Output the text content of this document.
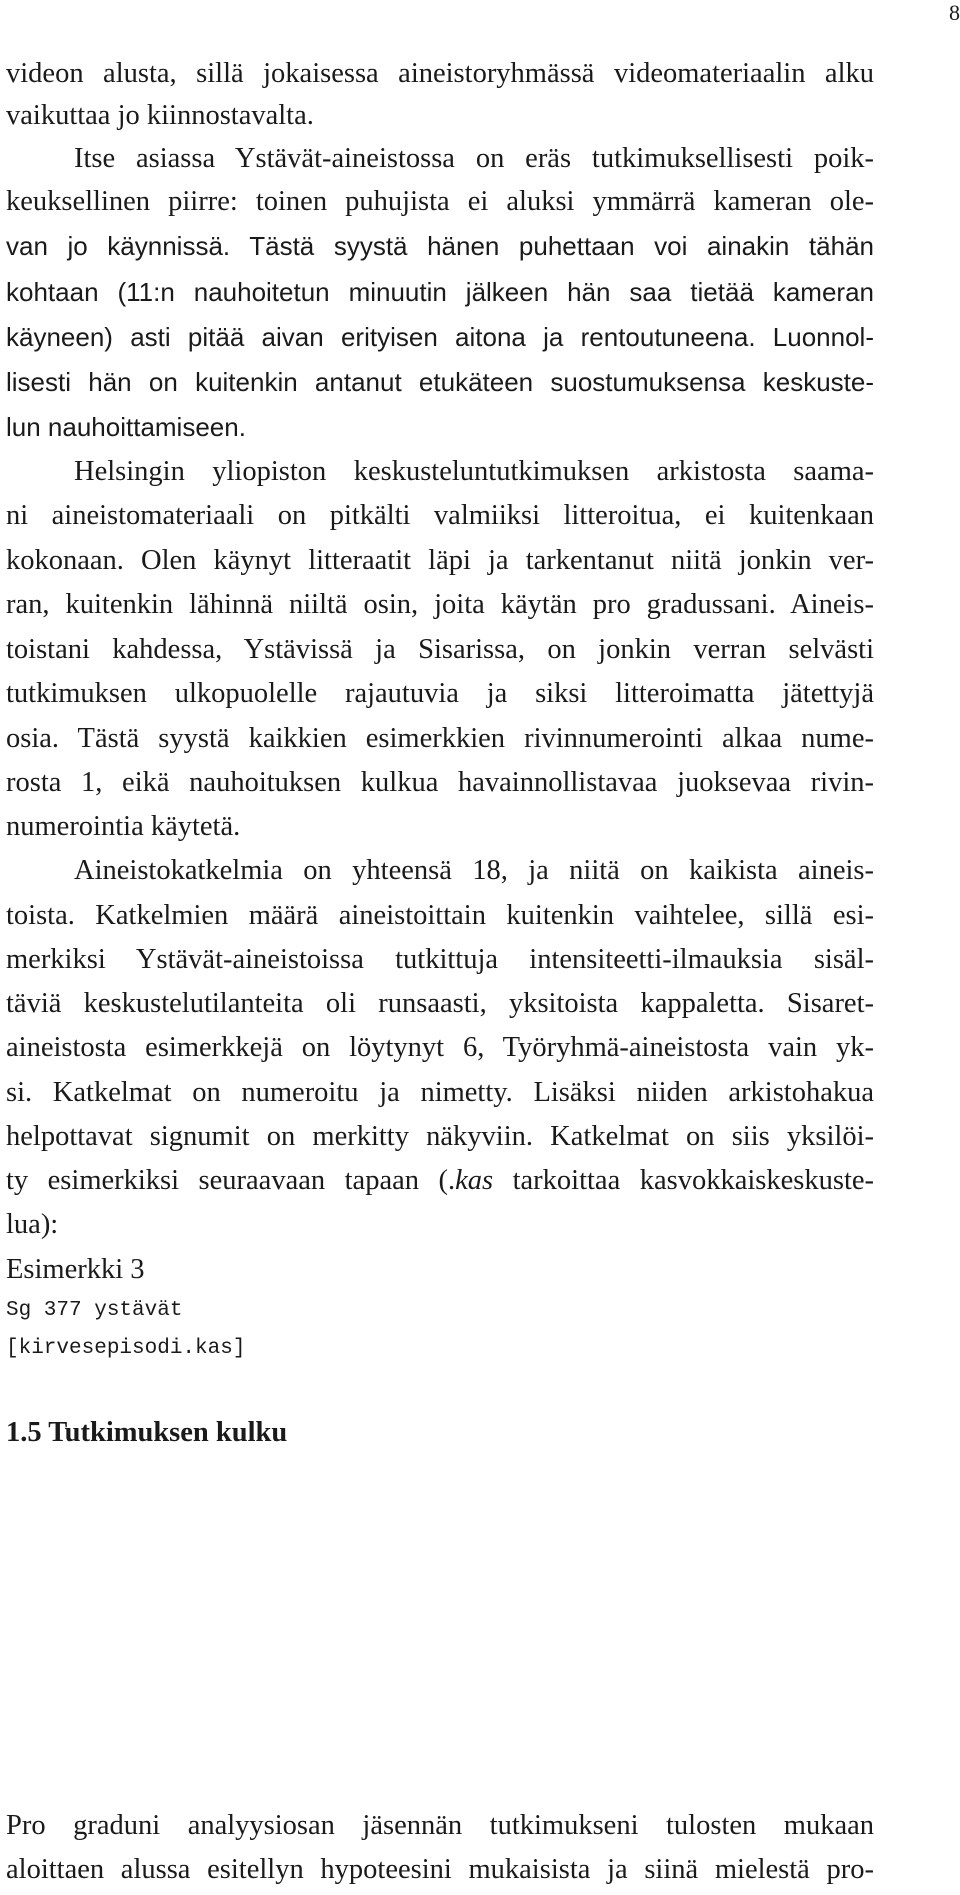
8
videon alusta, sillä jokaisessa aineistoryhmässä videomateriaalin alku
vaikuttaa jo kiinnostavalta.
Itse asiassa Ystävät-aineistossa on eräs tutkimuksellisesti poik-
keuksellinen piirre: toinen puhujista ei aluksi ymmärrä kameran ole-
van jo käynnissä. Tästä syystä hänen puhettaan voi ainakin tähän
kohtaan (11:n nauhoitetun minuutin jälkeen hän saa tietää kameran
käyneen) asti pitää aivan erityisen aitona ja rentoutuneena. Luonnol-
lisesti hän on kuitenkin antanut etukäteen suostumuksensa keskuste-
lun nauhoittamiseen.
Helsingin yliopiston keskusteluntutkimuksen arkistosta saama-
ni aineistomateriaali on pitkälti valmiiksi litteroitua, ei kuitenkaan
kokonaan. Olen käynyt litteraatit läpi ja tarkentanut niitä jonkin ver-
ran, kuitenkin lähinnä niiltä osin, joita käytän pro gradussani. Aineis-
toistani kahdessa, Ystävissä ja Sisarissa, on jonkin verran selvästi
tutkimuksen ulkopuolelle rajautuvia ja siksi litteroimatta jätettyjä
osia. Tästä syystä kaikkien esimerkkien rivinnumerointi alkaa nume-
rosta 1, eikä nauhoituksen kulkua havainnollistavaa juoksevaa rivin-
numerointia käytetä.
Aineistokatkelmia on yhteensä 18, ja niitä on kaikista aineis-
toista. Katkelmien määrä aineistoittain kuitenkin vaihtelee, sillä esi-
merkiksi Ystävät-aineistoissa tutkittuja intensiteetti-ilmauksia sisäl-
täviä keskustelutilanteita oli runsaasti, yksitoista kappaletta. Sisaret-
aineistosta esimerkkejä on löytynyt 6, Työryhmä-aineistosta vain yk-
si. Katkelmat on numeroitu ja nimetty. Lisäksi niiden arkistohakua
helpottavat signumit on merkitty näkyviin. Katkelmat on siis yksilöi-
ty esimerkiksi seuraavaan tapaan (.kas tarkoittaa kasvokkaiskeskuste-
lua):
Esimerkki 3
Sg 377 ystävät
[kirvesepisodi.kas]
1.5 Tutkimuksen kulku
Pro graduni analyysiosan jäsennän tutkimukseni tulosten mukaan
aloittaen alussa esitellyn hypoteesini mukaisista ja siinä mielestä pro-
